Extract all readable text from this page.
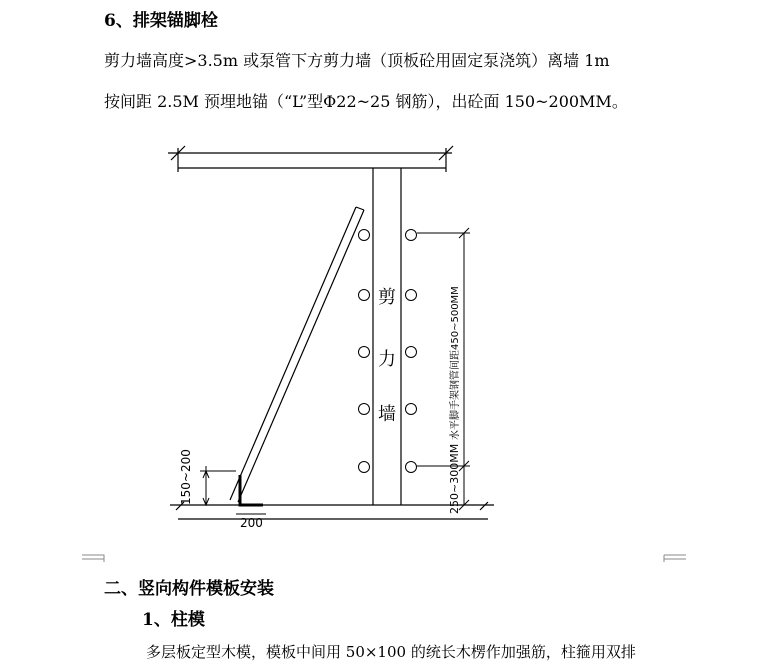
6、排架锚脚栓
剪力墙高度>3.5m 或泵管下方剪力墙（顶板砼用固定泵浇筑）离墙 1m
按间距 2.5M 预埋地锚（“L”型Φ22~25 钢筋），出砼面 150~200MM。
剪
力
墙
150~200
200
水平脚手架钢管间距450~500MM
250~300MM
二、竖向构件模板安装
1、柱模
多层板定型木模，模板中间用 50×100 的统长木楞作加强筋，柱箍用双排
